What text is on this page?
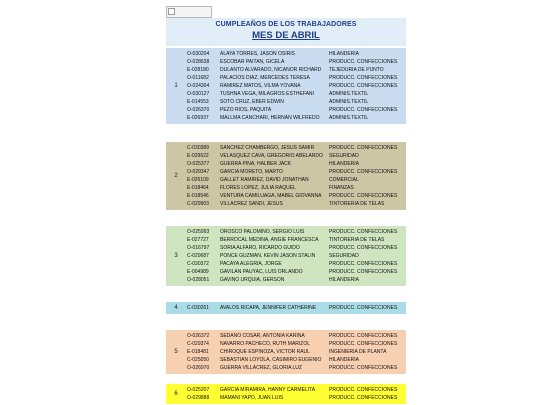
CUMPLEAÑOS DE LOS TRABAJADORES
MES DE ABRIL
1
O-030204 ALAYA TORRES, JASON OSIRIS	HILANDERIA
O-028638 ESCOBAR PAITAN, GICELA	PRODUCC. CONFECCIONES
E-028180 DULANTO ALVARADO, NICANOR RICHARD	TEJEDURIA DE PUNTO
O-011682 PALACIOS DIAZ, MERCEDES TERESA	PRODUCC. CONFECCIONES
O-024304 RAMIREZ MATOS, VILMA YOVANA	PRODUCC. CONFECCIONES
O-030127 TUSHNA VEGA, MILAGROS ESTHEFANI	ADMINIS.TEXTIL
E-014553 SOTO CRUZ, EBER EDWIN	ADMINIS.TEXTIL
O-026370 PEZO RIOS, PAQUITA	PRODUCC. CONFECCIONES
E-026937 MALLMA CANCHARI, HERNAN WILFREDO	ADMINIS.TEXTIL
2
C-030389 SANCHEZ CHAMBERGO, JESUS SAMIR	PRODUCC. CONFECCIONES
E-029622 VELASQUEZ CAVA, GREGORIO ABELARDO	SEGURIDAD
O-025377 GUERRA PINA, HALBER JACK	HILANDERIA
O-029347 GARCIA MORETO, MARTO	PRODUCC. CONFECCIONES
E-026109 GALLET RAMIREZ, DAVID JONATHAN	COMERCIAL
E-018464 FLORES LOPEZ, JULIA RAQUEL	FINANZAS
E-018546 VENTURA CAMILUAGA, MABEL GIOVANNA	PRODUCC. CONFECCIONES
C-029903 VILLACREZ SANDI, JESUS	TINTORERIA DE TELAS
3
O-025993 OROSCO PALOMINO, SERGIO LUIS	PRODUCC. CONFECCIONES
E-027727 BERROCAL MEDINA, ANGIE FRANCESCA	TINTORERIA DE TELAS
O-016797 SORIA ALFARO, RICARDO GUIDO	PRODUCC. CONFECCIONES
C-029687 PONCE GUZMAN, KEVIN JASON STALIN	SEGURIDAD
C-030372 PACAYA ALEGRIA, JORGE	PRODUCC. CONFECCIONES
E-004989 GAVILAN PAUYAC, LUIS ORLANDO	PRODUCC. CONFECCIONES
O-028051 GAVINO URQUIA, GERSON	HILANDERIA
4	C-030261 AVALOS RICAPA, JENNIFER CATHERINE	PRODUCC. CONFECCIONES
5
O-026372 SEDANO COSAR, ANTONIA KARINA	PRODUCC. CONFECCIONES
C-029374 NAVARRO PACHECO, RUTH MARIZOL	PRODUCC. CONFECCIONES
E-018481 CHIROQUE ESPINOZA, VICTOR RAUL	INGENIERIA DE PLANTA
C-025050 SEBASTIAN LOYOLA, CASIMIRO EUGENIO	HILANDERIA
O-026970 GUERRA VILLACREZ, GLORIA LUZ	PRODUCC. CONFECCIONES
6
O-025207 GARCIA MIRAMIRA, HANNY CARMELITA	PRODUCC. CONFECCIONES
O-029888 MAMANI YAPO, JUAN LUIS	PRODUCC. CONFECCIONES
